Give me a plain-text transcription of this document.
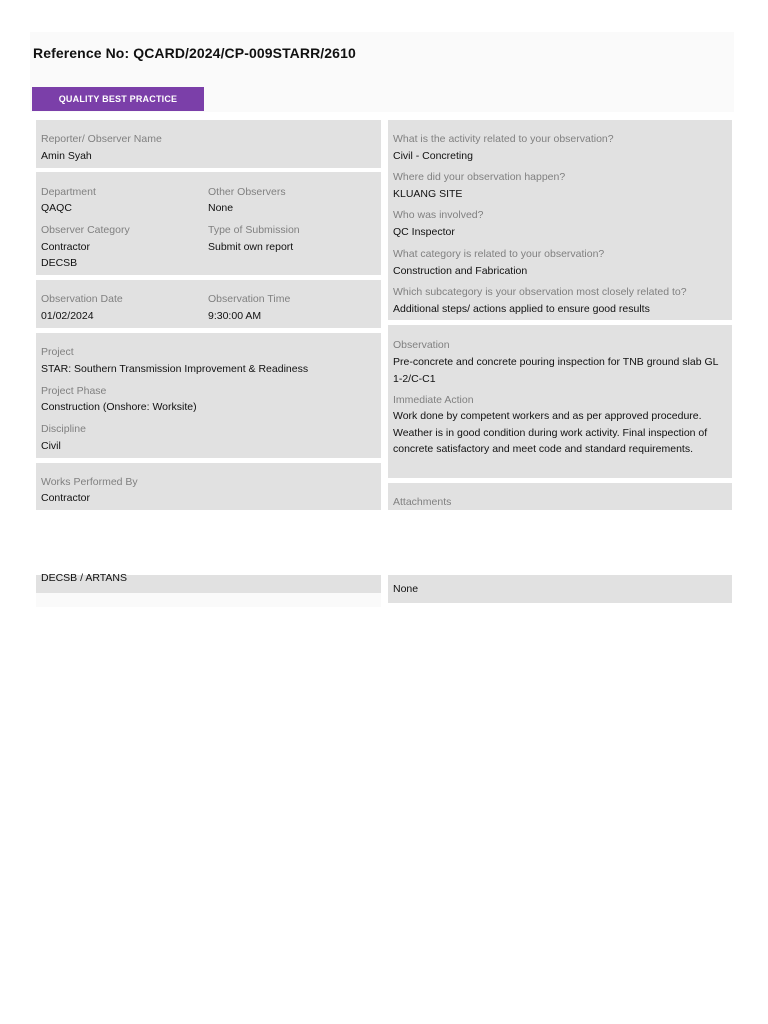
Reference No: QCARD/2024/CP-009STARR/2610
QUALITY BEST PRACTICE
Reporter/ Observer Name
Amin Syah
Department
QAQC
Other Observers
None
Observer Category
Contractor
DECSB
Type of Submission
Submit own report
Observation Date
01/02/2024
Observation Time
9:30:00 AM
Project
STAR: Southern Transmission Improvement & Readiness
Project Phase
Construction (Onshore: Worksite)
Discipline
Civil
Works Performed By
Contractor
DECSB / ARTANS
What is the activity related to your observation?
Civil - Concreting
Where did your observation happen?
KLUANG SITE
Who was involved?
QC Inspector
What category is related to your observation?
Construction and Fabrication
Which subcategory is your observation most closely related to?
Additional steps/ actions applied to ensure good results
Observation
Pre-concrete and concrete pouring inspection for TNB ground slab GL 1-2/C-C1
Immediate Action
Work done by competent workers and as per approved procedure. Weather is in good condition during work activity. Final inspection of concrete satisfactory and meet code and standard requirements.
Attachments
None
